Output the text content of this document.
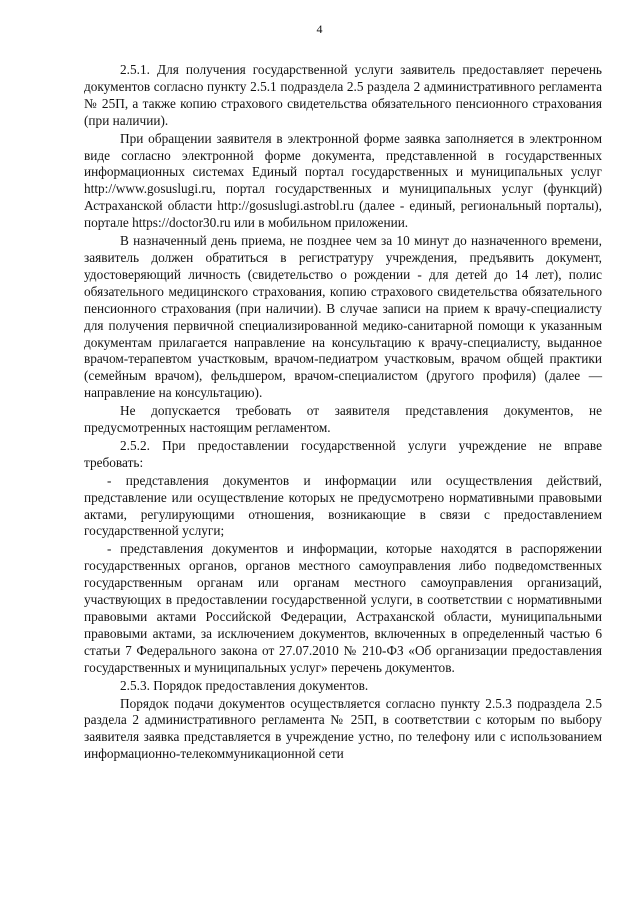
4

2.5.1. Для получения государственной услуги заявитель предоставляет перечень документов согласно пункту 2.5.1 подраздела 2.5 раздела 2 административного регламента № 25П, а также копию страхового свидетельства обязательного пенсионного страхования (при наличии).

При обращении заявителя в электронной форме заявка заполняется в электронном виде согласно электронной форме документа, представленной в государственных информационных системах Единый портал государственных и муниципальных услуг http://www.gosuslugi.ru, портал государственных и муниципальных услуг (функций) Астраханской области http://gosuslugi.astrobl.ru (далее - единый, региональный порталы), портале https://doctor30.ru или в мобильном приложении.

В назначенный день приема, не позднее чем за 10 минут до назначенного времени, заявитель должен обратиться в регистратуру учреждения, предъявить документ, удостоверяющий личность (свидетельство о рождении - для детей до 14 лет), полис обязательного медицинского страхования, копию страхового свидетельства обязательного пенсионного страхования (при наличии). В случае записи на прием к врачу-специалисту для получения первичной специализированной медико-санитарной помощи к указанным документам прилагается направление на консультацию к врачу-специалисту, выданное врачом-терапевтом участковым, врачом-педиатром участковым, врачом общей практики (семейным врачом), фельдшером, врачом-специалистом (другого профиля) (далее — направление на консультацию).

Не допускается требовать от заявителя представления документов, не предусмотренных настоящим регламентом.

2.5.2. При предоставлении государственной услуги учреждение не вправе требовать:

- представления документов и информации или осуществления действий, представление или осуществление которых не предусмотрено нормативными правовыми актами, регулирующими отношения, возникающие в связи с предоставлением государственной услуги;

- представления документов и информации, которые находятся в распоряжении государственных органов, органов местного самоуправления либо подведомственных государственным органам или органам местного самоуправления организаций, участвующих в предоставлении государственной услуги, в соответствии с нормативными правовыми актами Российской Федерации, Астраханской области, муниципальными правовыми актами, за исключением документов, включенных в определенный частью 6 статьи 7 Федерального закона от 27.07.2010 № 210-ФЗ «Об организации предоставления государственных и муниципальных услуг» перечень документов.

2.5.3. Порядок предоставления документов.

Порядок подачи документов осуществляется согласно пункту 2.5.3 подраздела 2.5 раздела 2 административного регламента № 25П, в соответствии с которым по выбору заявителя заявка представляется в учреждение устно, по телефону или с использованием информационно-телекоммуникационной сети
